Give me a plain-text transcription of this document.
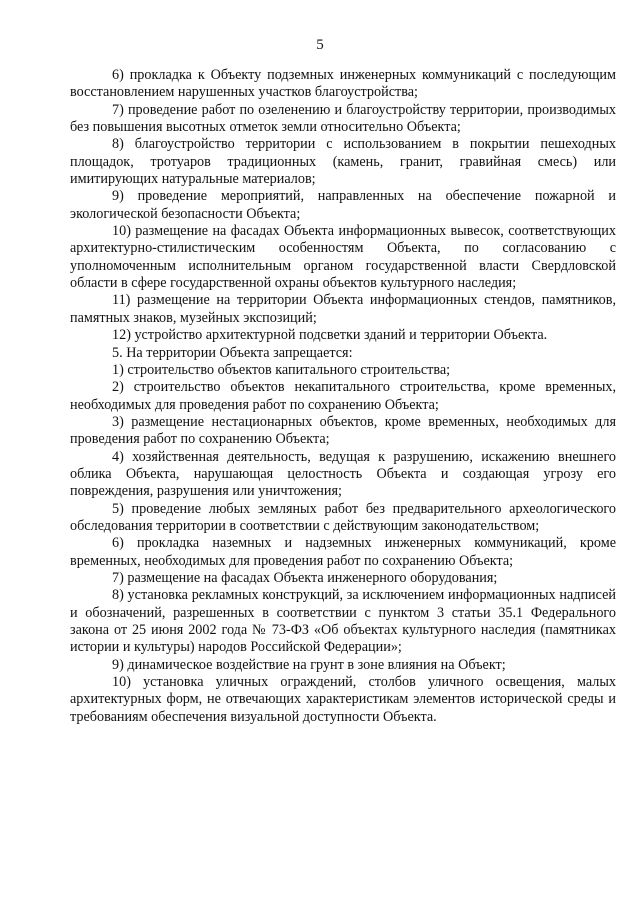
5

6) прокладка к Объекту подземных инженерных коммуникаций с последующим восстановлением нарушенных участков благоустройства;

7) проведение работ по озеленению и благоустройству территории, производимых без повышения высотных отметок земли относительно Объекта;

8) благоустройство территории с использованием в покрытии пешеходных площадок, тротуаров традиционных (камень, гранит, гравийная смесь) или имитирующих натуральные материалов;

9) проведение мероприятий, направленных на обеспечение пожарной и экологической безопасности Объекта;

10) размещение на фасадах Объекта информационных вывесок, соответствующих архитектурно-стилистическим особенностям Объекта, по согласованию с уполномоченным исполнительным органом государственной власти Свердловской области в сфере государственной охраны объектов культурного наследия;

11) размещение на территории Объекта информационных стендов, памятников, памятных знаков, музейных экспозиций;

12) устройство архитектурной подсветки зданий и территории Объекта.

5. На территории Объекта запрещается:

1) строительство объектов капитального строительства;

2) строительство объектов некапитального строительства, кроме временных, необходимых для проведения работ по сохранению Объекта;

3) размещение нестационарных объектов, кроме временных, необходимых для проведения работ по сохранению Объекта;

4) хозяйственная деятельность, ведущая к разрушению, искажению внешнего облика Объекта, нарушающая целостность Объекта и создающая угрозу его повреждения, разрушения или уничтожения;

5) проведение любых земляных работ без предварительного археологического обследования территории в соответствии с действующим законодательством;

6) прокладка наземных и надземных инженерных коммуникаций, кроме временных, необходимых для проведения работ по сохранению Объекта;

7) размещение на фасадах Объекта инженерного оборудования;

8) установка рекламных конструкций, за исключением информационных надписей и обозначений, разрешенных в соответствии с пунктом 3 статьи 35.1 Федерального закона от 25 июня 2002 года № 73-ФЗ «Об объектах культурного наследия (памятниках истории и культуры) народов Российской Федерации»;

9) динамическое воздействие на грунт в зоне влияния на Объект;

10) установка уличных ограждений, столбов уличного освещения, малых архитектурных форм, не отвечающих характеристикам элементов исторической среды и требованиям обеспечения визуальной доступности Объекта.
